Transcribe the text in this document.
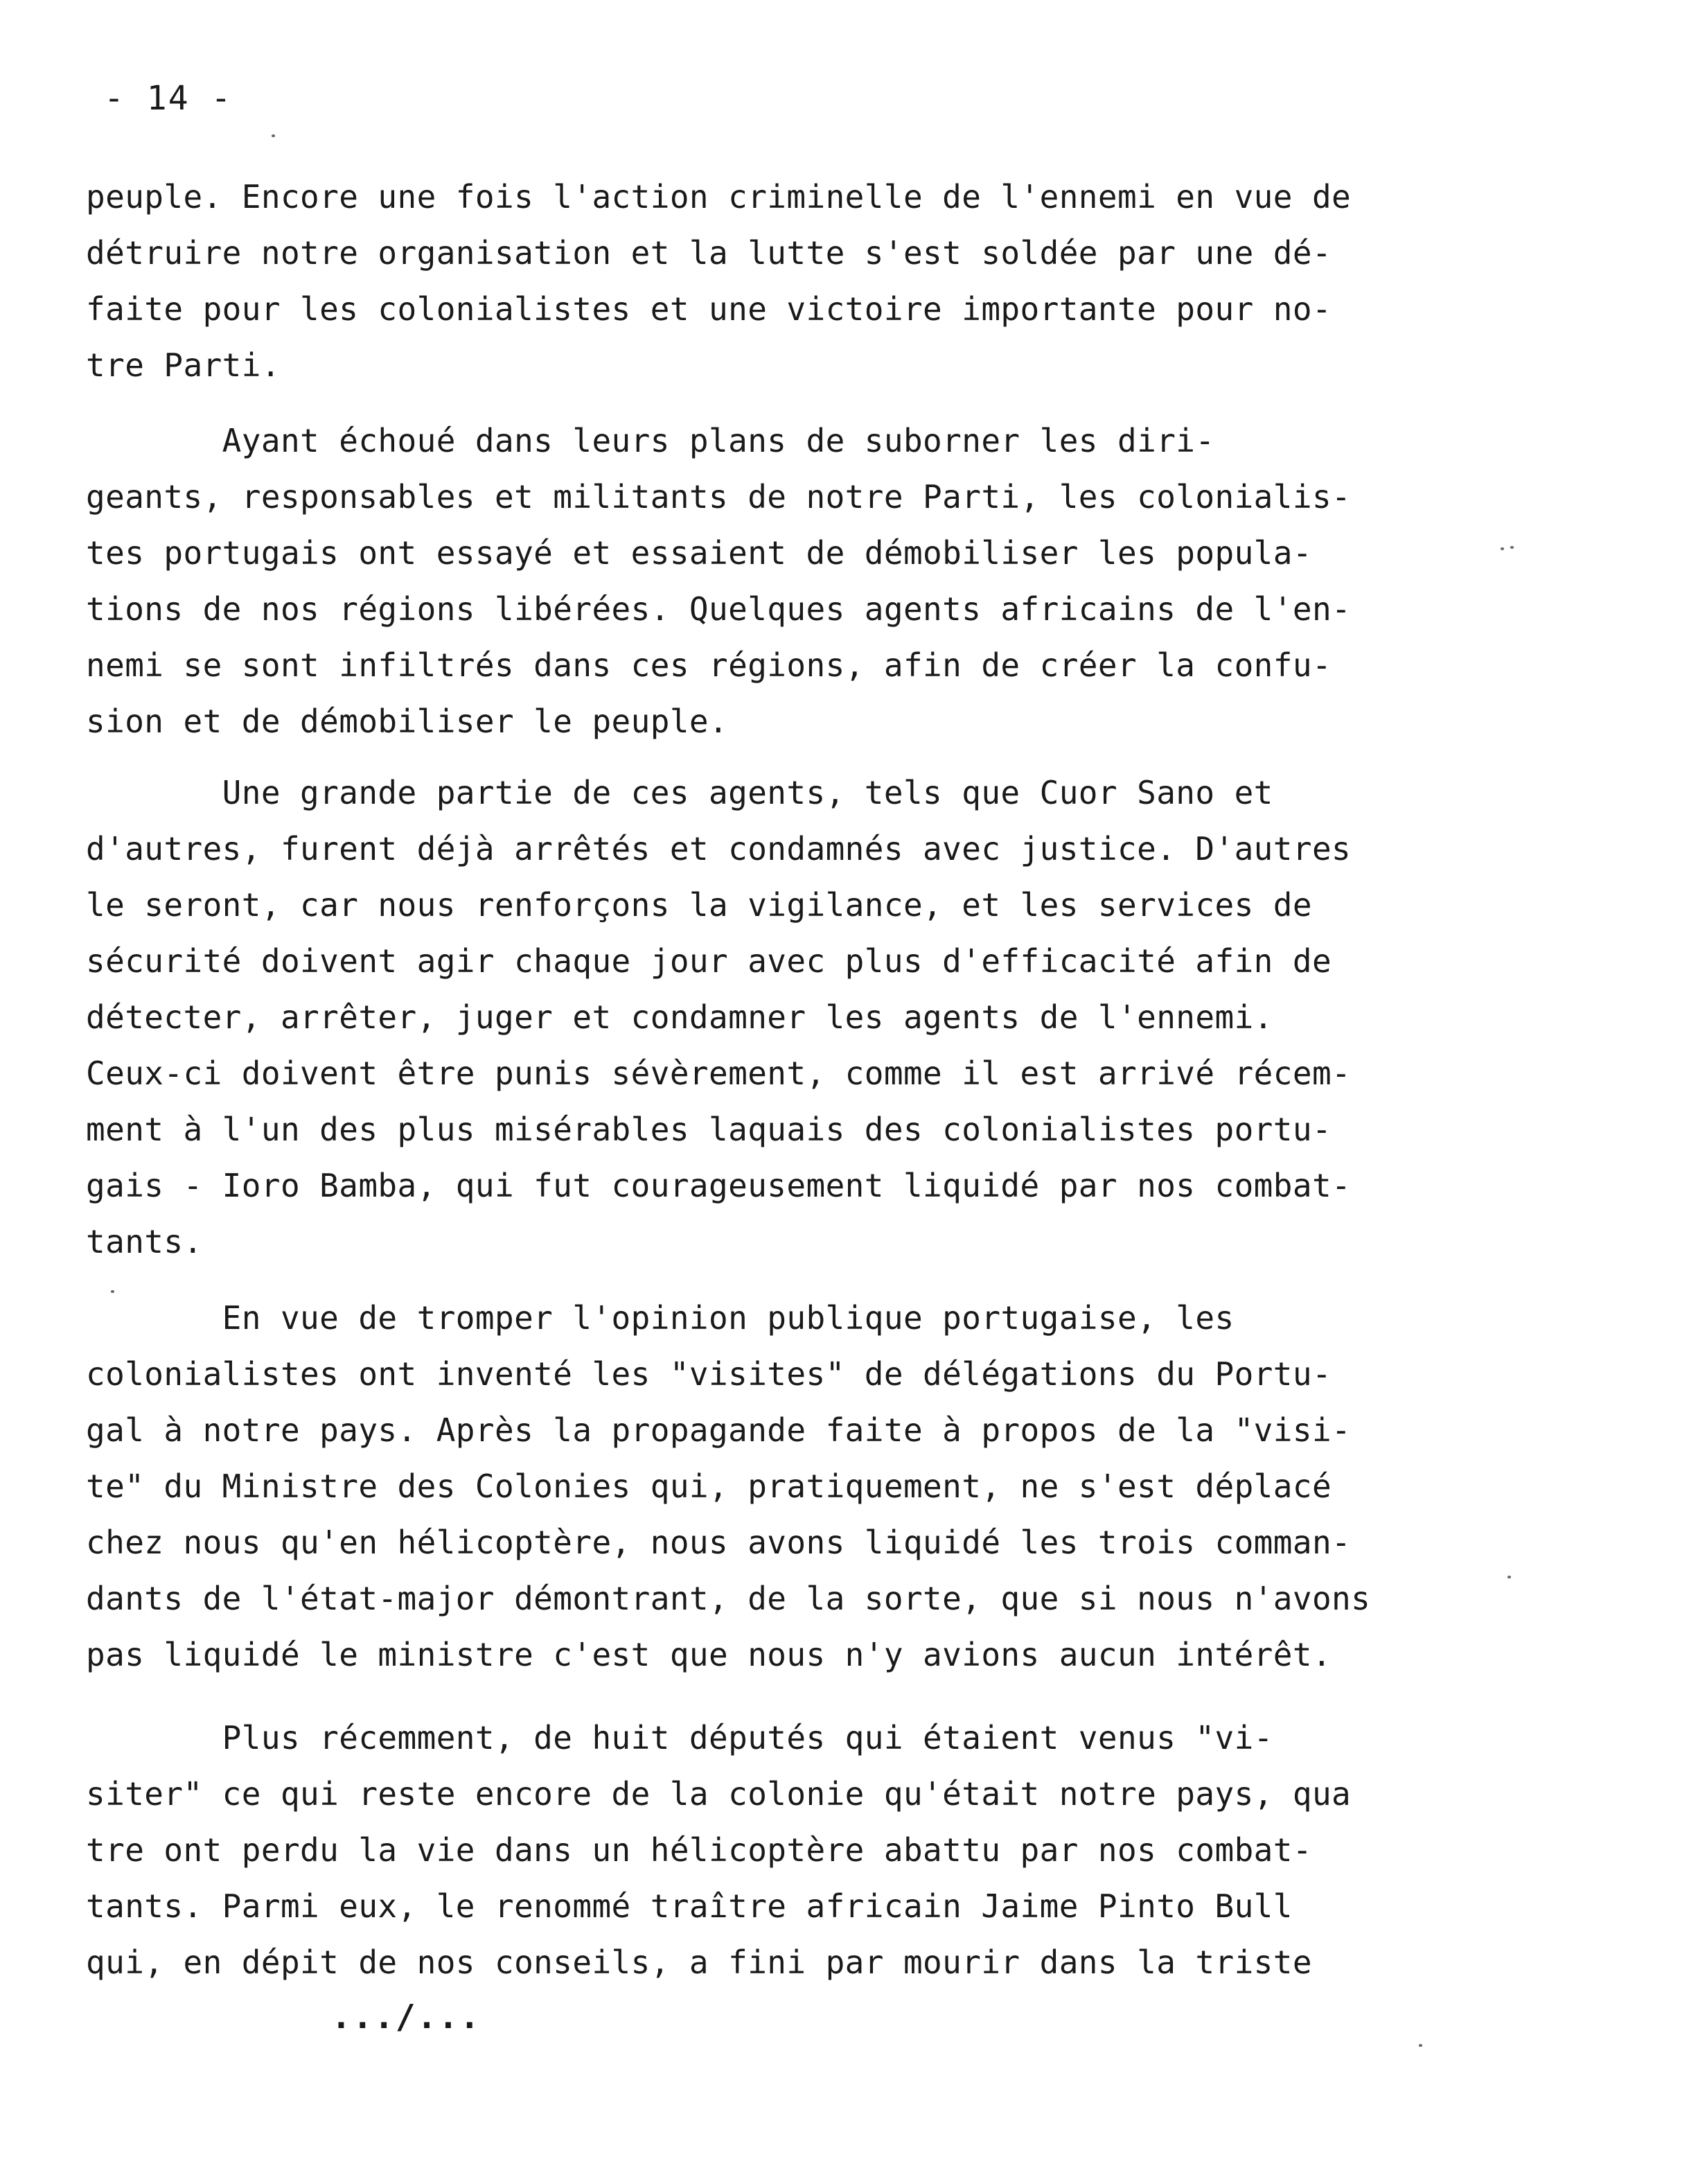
- 14 -
peuple. Encore une fois l'action criminelle de l'ennemi en vue de
détruire notre organisation et la lutte s'est soldée par une dé-
faite pour les colonialistes et une victoire importante pour no-
tre Parti.
Ayant échoué dans leurs plans de suborner les diri-
geants, responsables et militants de notre Parti, les colonialis-
tes portugais ont essayé et essaient de démobiliser les popula-
tions de nos régions libérées. Quelques agents africains de l'en-
nemi se sont infiltrés dans ces régions, afin de créer la confu-
sion et de démobiliser le peuple.
Une grande partie de ces agents, tels que Cuor Sano et
d'autres, furent déjà arrêtés et condamnés avec justice. D'autres
le seront, car nous renforçons la vigilance, et les services de
sécurité doivent agir chaque jour avec plus d'efficacité afin de
détecter, arrêter, juger et condamner les agents de l'ennemi.
Ceux-ci doivent être punis sévèrement, comme il est arrivé récem-
ment à l'un des plus misérables laquais des colonialistes portu-
gais - Ioro Bamba, qui fut courageusement liquidé par nos combat-
tants.
En vue de tromper l'opinion publique portugaise, les
colonialistes ont inventé les "visites" de délégations du Portu-
gal à notre pays. Après la propagande faite à propos de la "visi-
te" du Ministre des Colonies qui, pratiquement, ne s'est déplacé
chez nous qu'en hélicoptère, nous avons liquidé les trois comman-
dants de l'état-major démontrant, de la sorte, que si nous n'avons
pas liquidé le ministre c'est que nous n'y avions aucun intérêt.
Plus récemment, de huit députés qui étaient venus "vi-
siter" ce qui reste encore de la colonie qu'était notre pays, qua
tre ont perdu la vie dans un hélicoptère abattu par nos combat-
tants. Parmi eux, le renommé traître africain Jaime Pinto Bull
qui, en dépit de nos conseils, a fini par mourir dans la triste
.../...
